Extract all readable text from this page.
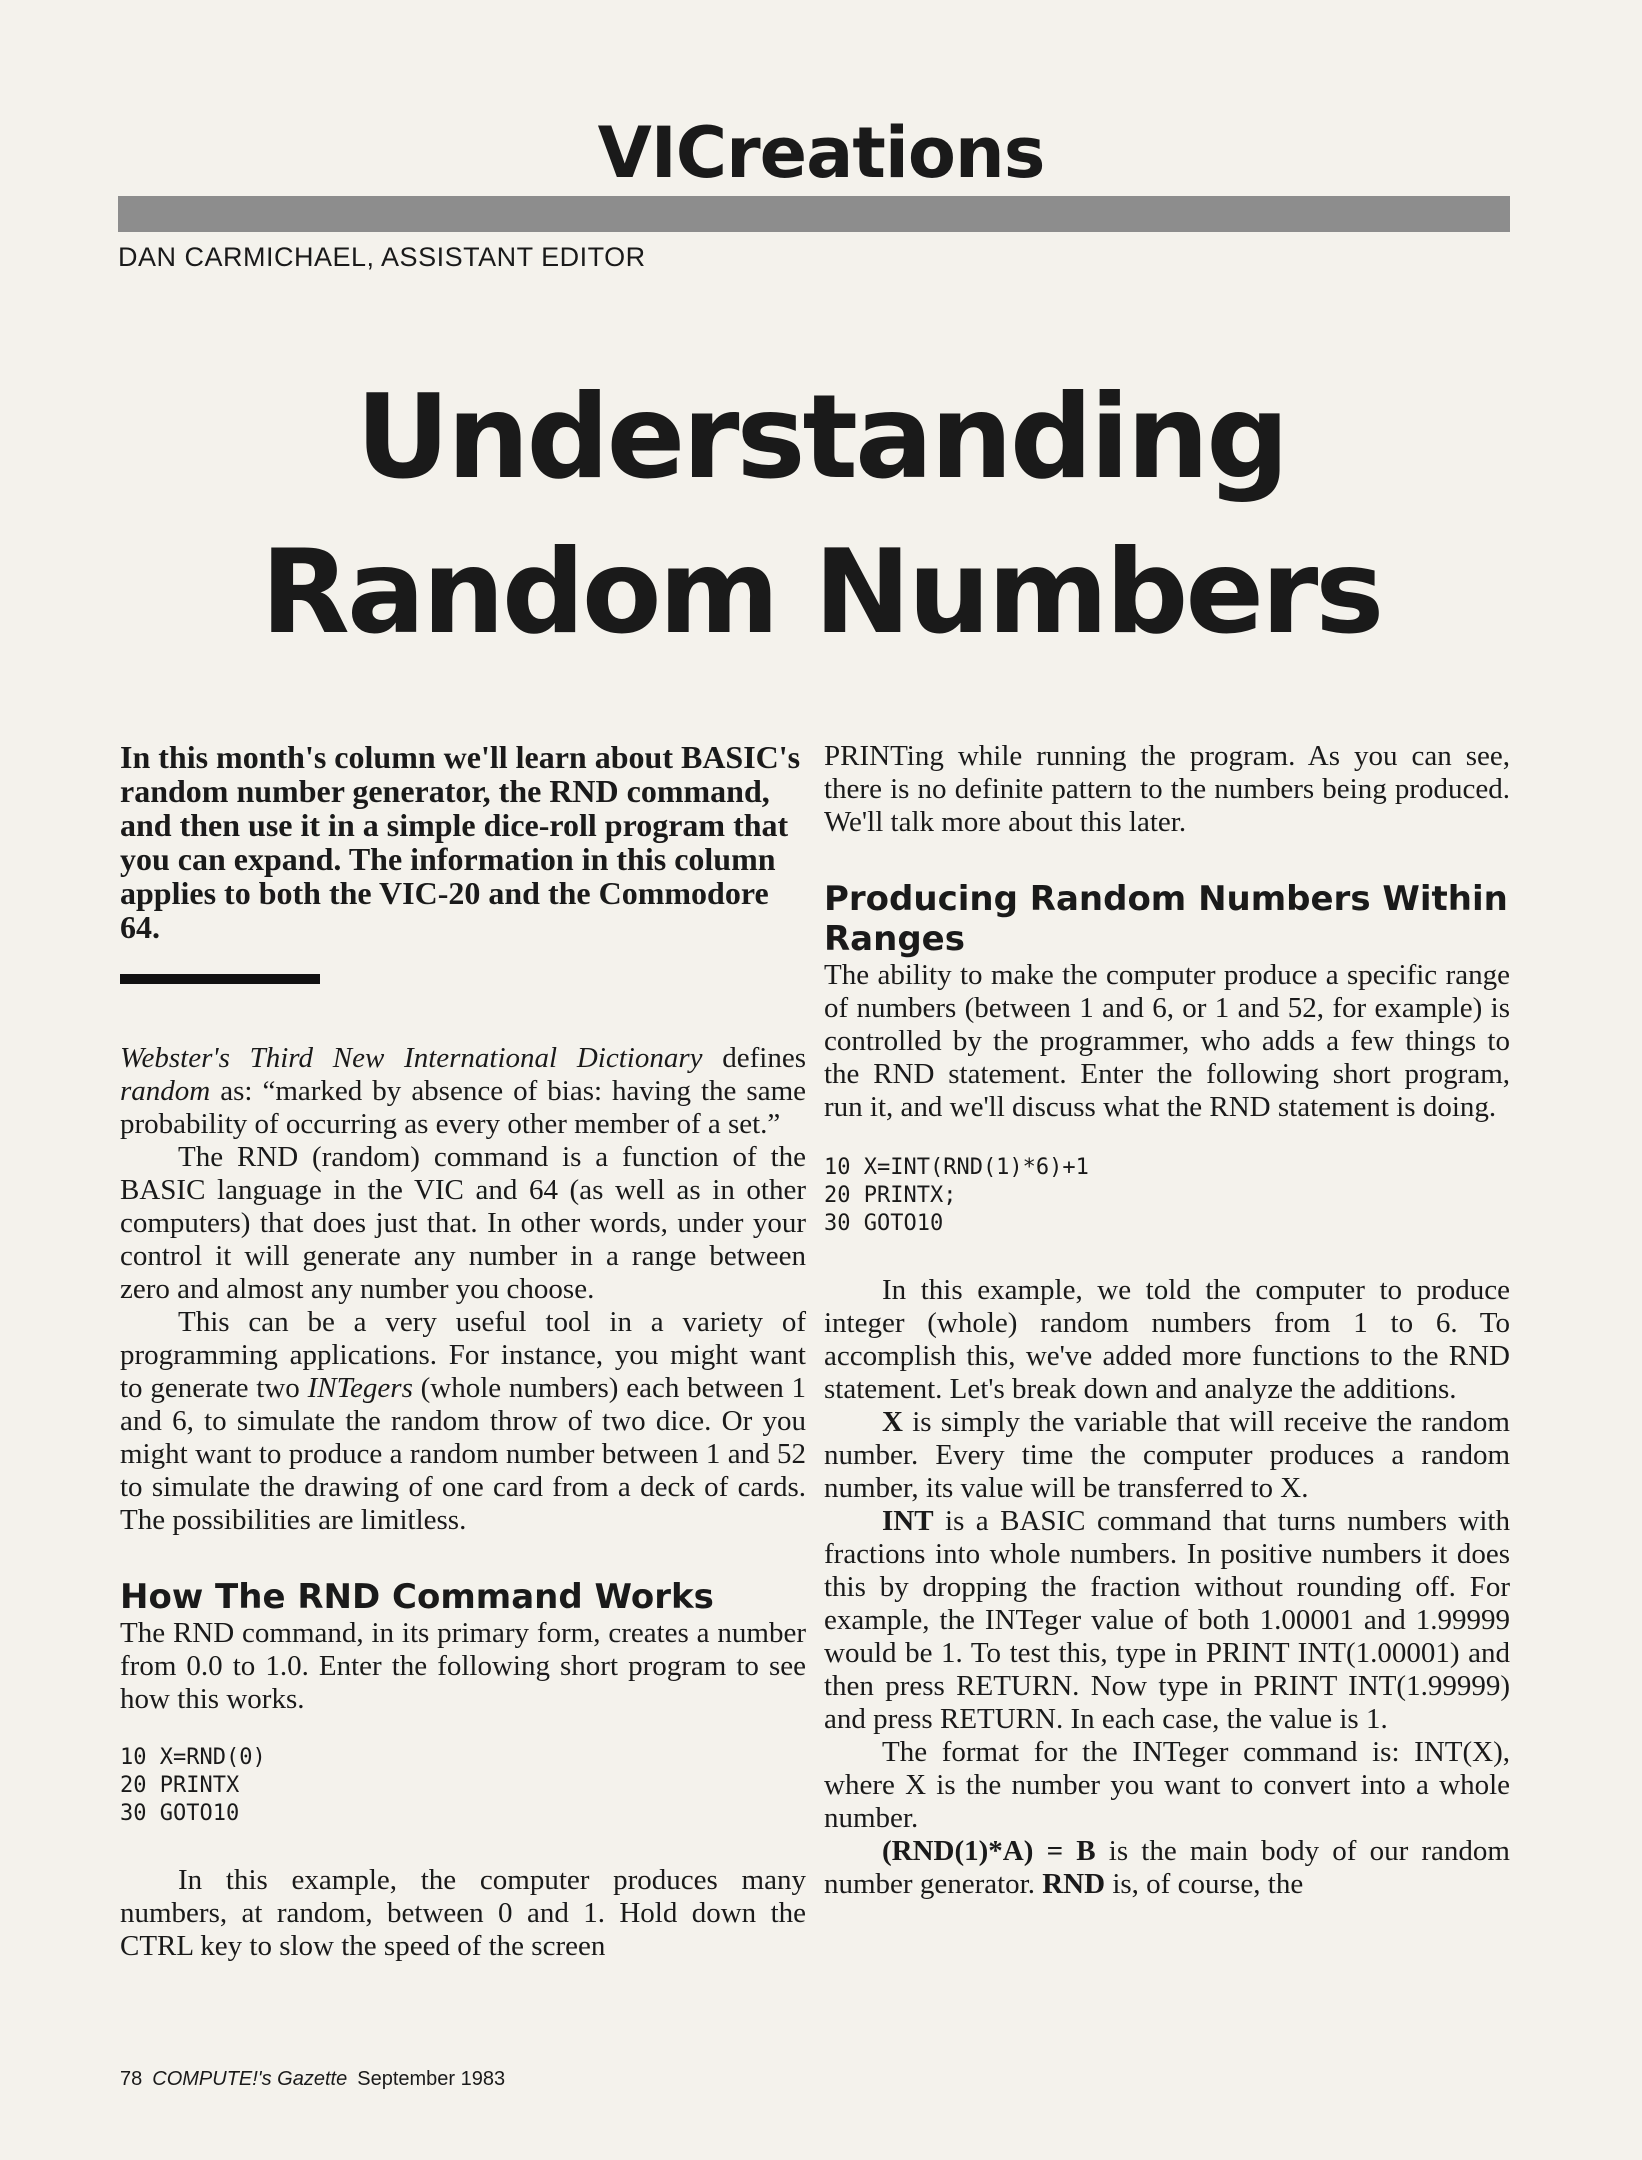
VICreations
DAN CARMICHAEL, ASSISTANT EDITOR
Understanding
Random Numbers

In this month's column we'll learn about BASIC's random number generator, the RND command, and then use it in a simple dice-roll program that you can expand. The information in this column applies to both the VIC-20 and the Commodore 64.

Webster's Third New International Dictionary defines random as: “marked by absence of bias: having the same probability of occurring as every other member of a set.”

The RND (random) command is a function of the BASIC language in the VIC and 64 (as well as in other computers) that does just that. In other words, under your control it will generate any number in a range between zero and almost any number you choose.

This can be a very useful tool in a variety of programming applications. For instance, you might want to generate two INTegers (whole numbers) each between 1 and 6, to simulate the random throw of two dice. Or you might want to produce a random number between 1 and 52 to simulate the drawing of one card from a deck of cards. The possibilities are limitless.

How The RND Command Works

The RND command, in its primary form, creates a number from 0.0 to 1.0. Enter the following short program to see how this works.

10 X=RND(0)
20 PRINTX
30 GOTO10

In this example, the computer produces many numbers, at random, between 0 and 1. Hold down the CTRL key to slow the speed of the screen

PRINTing while running the program. As you can see, there is no definite pattern to the numbers being produced. We'll talk more about this later.

Producing Random Numbers Within Ranges

The ability to make the computer produce a specific range of numbers (between 1 and 6, or 1 and 52, for example) is controlled by the programmer, who adds a few things to the RND statement. Enter the following short program, run it, and we'll discuss what the RND statement is doing.

10 X=INT(RND(1)*6)+1
20 PRINTX;
30 GOTO10

In this example, we told the computer to produce integer (whole) random numbers from 1 to 6. To accomplish this, we've added more functions to the RND statement. Let's break down and analyze the additions.

X is simply the variable that will receive the random number. Every time the computer produces a random number, its value will be transferred to X.

INT is a BASIC command that turns numbers with fractions into whole numbers. In positive numbers it does this by dropping the fraction without rounding off. For example, the INTeger value of both 1.00001 and 1.99999 would be 1. To test this, type in PRINT INT(1.00001) and then press RETURN. Now type in PRINT INT(1.99999) and press RETURN. In each case, the value is 1.

The format for the INTeger command is: INT(X), where X is the number you want to convert into a whole number.

(RND(1)*A) = B is the main body of our random number generator. RND is, of course, the

78 COMPUTE!'s Gazette September 1983
